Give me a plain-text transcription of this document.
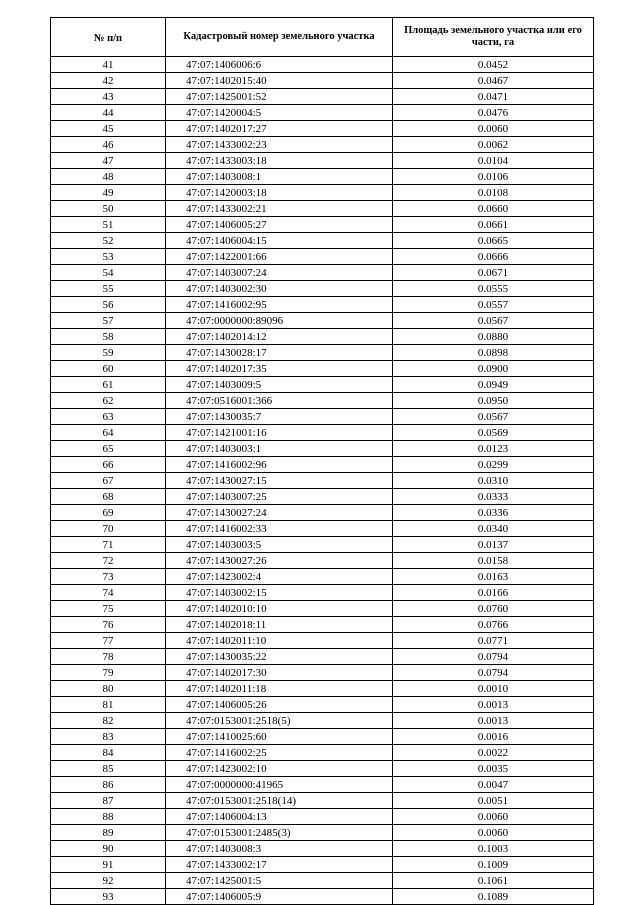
№ п/п	Кадастровый номер земельного участка	Площадь земельного участка или его части, га
41	47:07:1406006:6	0.0452
42	47:07:1402015:40	0.0467
43	47:07:1425001:52	0.0471
44	47:07:1420004:5	0.0476
45	47:07:1402017:27	0.0060
46	47:07:1433002:23	0.0062
47	47:07:1433003:18	0.0104
48	47:07:1403008:1	0.0106
49	47:07:1420003:18	0.0108
50	47:07:1433002:21	0.0660
51	47:07:1406005:27	0.0661
52	47:07:1406004:15	0.0665
53	47:07:1422001:66	0.0666
54	47:07:1403007:24	0.0671
55	47:07:1403002:30	0.0555
56	47:07:1416002:95	0.0557
57	47:07:0000000:89096	0.0567
58	47:07:1402014:12	0.0880
59	47:07:1430028:17	0.0898
60	47:07:1402017:35	0.0900
61	47:07:1403009:5	0.0949
62	47:07:0516001:366	0.0950
63	47:07:1430035:7	0.0567
64	47:07:1421001:16	0.0569
65	47:07:1403003:1	0.0123
66	47:07:1416002:96	0.0299
67	47:07:1430027:15	0.0310
68	47:07:1403007:25	0.0333
69	47:07:1430027:24	0.0336
70	47:07:1416002:33	0.0340
71	47:07:1403003:5	0.0137
72	47:07:1430027:26	0.0158
73	47:07:1423002:4	0.0163
74	47:07:1403002:15	0.0166
75	47:07:1402010:10	0.0760
76	47:07:1402018:11	0.0766
77	47:07:1402011:10	0.0771
78	47:07:1430035:22	0.0794
79	47:07:1402017:30	0.0794
80	47:07:1402011:18	0.0010
81	47:07:1406005:26	0.0013
82	47:07:0153001:2518(5)	0.0013
83	47:07:1410025:60	0.0016
84	47:07:1416002:25	0.0022
85	47:07:1423002:10	0.0035
86	47:07:0000000:41965	0.0047
87	47:07:0153001:2518(14)	0.0051
88	47:07:1406004:13	0.0060
89	47:07:0153001:2485(3)	0.0060
90	47:07:1403008:3	0.1003
91	47:07:1433002:17	0.1009
92	47:07:1425001:5	0.1061
93	47:07:1406005:9	0.1089
